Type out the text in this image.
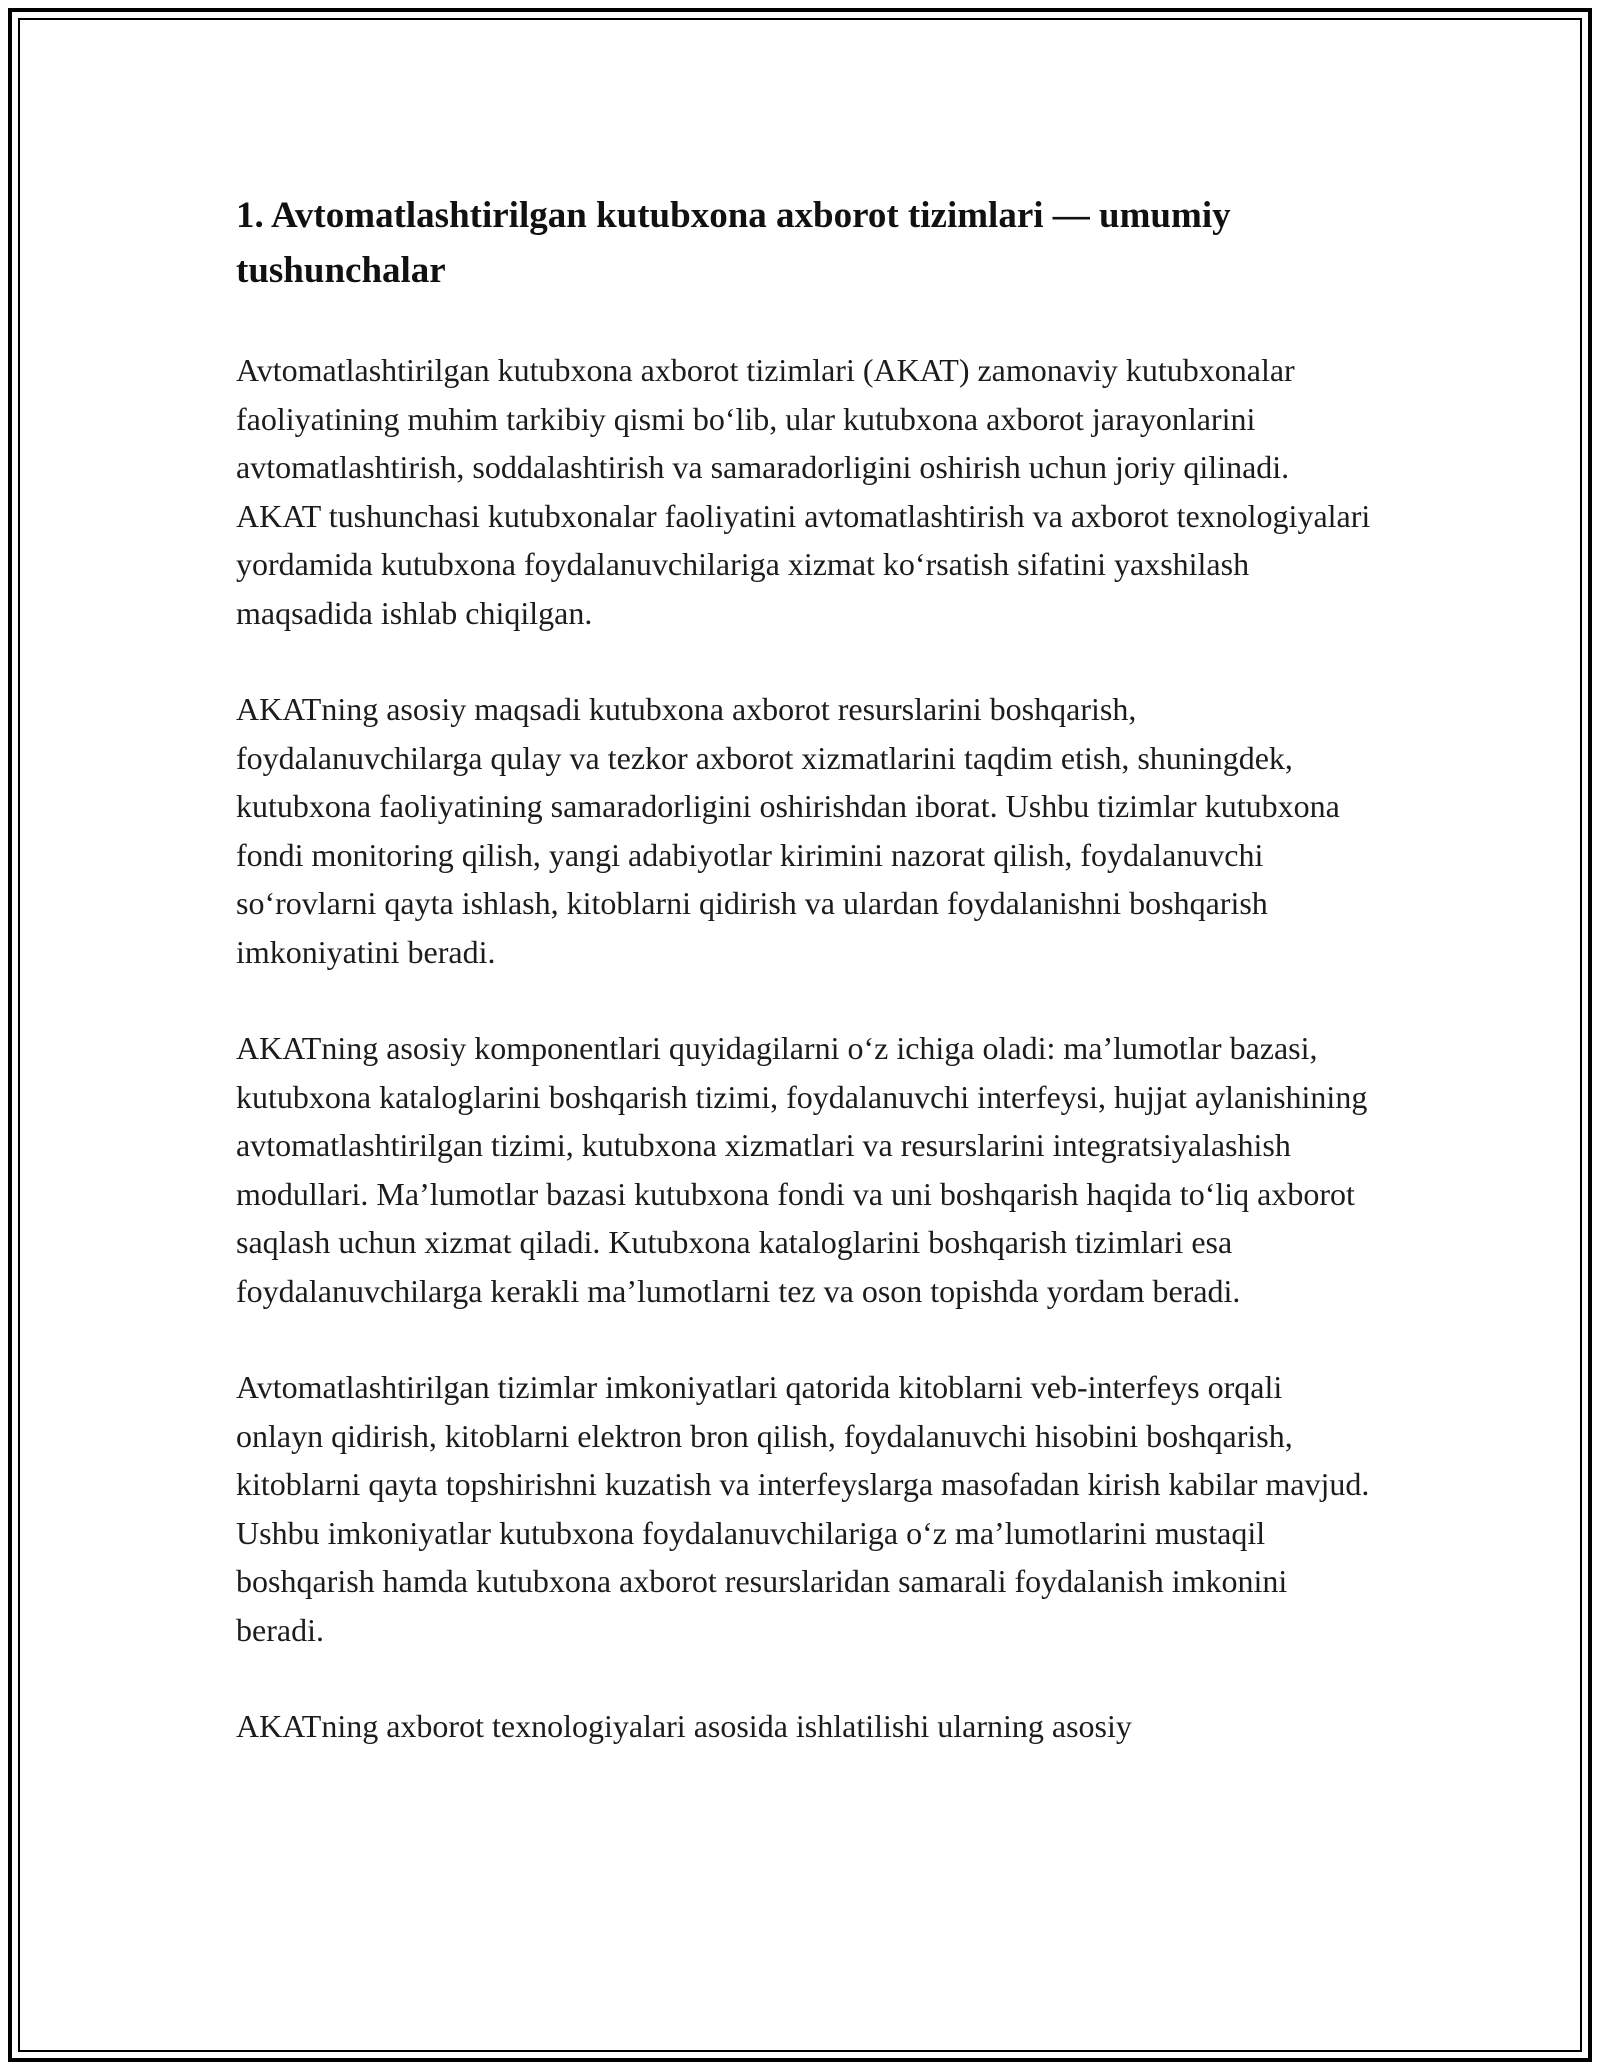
1. Avtomatlashtirilgan kutubxona axborot tizimlari — umumiy tushunchalar

Avtomatlashtirilgan kutubxona axborot tizimlari (AKAT) zamonaviy kutubxonalar faoliyatining muhim tarkibiy qismi bo‘lib, ular kutubxona axborot jarayonlarini avtomatlashtirish, soddalashtirish va samaradorligini oshirish uchun joriy qilinadi. AKAT tushunchasi kutubxonalar faoliyatini avtomatlashtirish va axborot texnologiyalari yordamida kutubxona foydalanuvchilariga xizmat ko‘rsatish sifatini yaxshilash maqsadida ishlab chiqilgan.

AKATning asosiy maqsadi kutubxona axborot resurslarini boshqarish, foydalanuvchilarga qulay va tezkor axborot xizmatlarini taqdim etish, shuningdek, kutubxona faoliyatining samaradorligini oshirishdan iborat. Ushbu tizimlar kutubxona fondi monitoring qilish, yangi adabiyotlar kirimini nazorat qilish, foydalanuvchi so‘rovlarni qayta ishlash, kitoblarni qidirish va ulardan foydalanishni boshqarish imkoniyatini beradi.

AKATning asosiy komponentlari quyidagilarni o‘z ichiga oladi: ma’lumotlar bazasi, kutubxona kataloglarini boshqarish tizimi, foydalanuvchi interfeysi, hujjat aylanishining avtomatlashtirilgan tizimi, kutubxona xizmatlari va resurslarini integratsiyalashish modullari. Ma’lumotlar bazasi kutubxona fondi va uni boshqarish haqida to‘liq axborot saqlash uchun xizmat qiladi. Kutubxona kataloglarini boshqarish tizimlari esa foydalanuvchilarga kerakli ma’lumotlarni tez va oson topishda yordam beradi.

Avtomatlashtirilgan tizimlar imkoniyatlari qatorida kitoblarni veb-interfeys orqali onlayn qidirish, kitoblarni elektron bron qilish, foydalanuvchi hisobini boshqarish, kitoblarni qayta topshirishni kuzatish va interfeyslarga masofadan kirish kabilar mavjud. Ushbu imkoniyatlar kutubxona foydalanuvchilariga o‘z ma’lumotlarini mustaqil boshqarish hamda kutubxona axborot resurslaridan samarali foydalanish imkonini beradi.

AKATning axborot texnologiyalari asosida ishlatilishi ularning asosiy
